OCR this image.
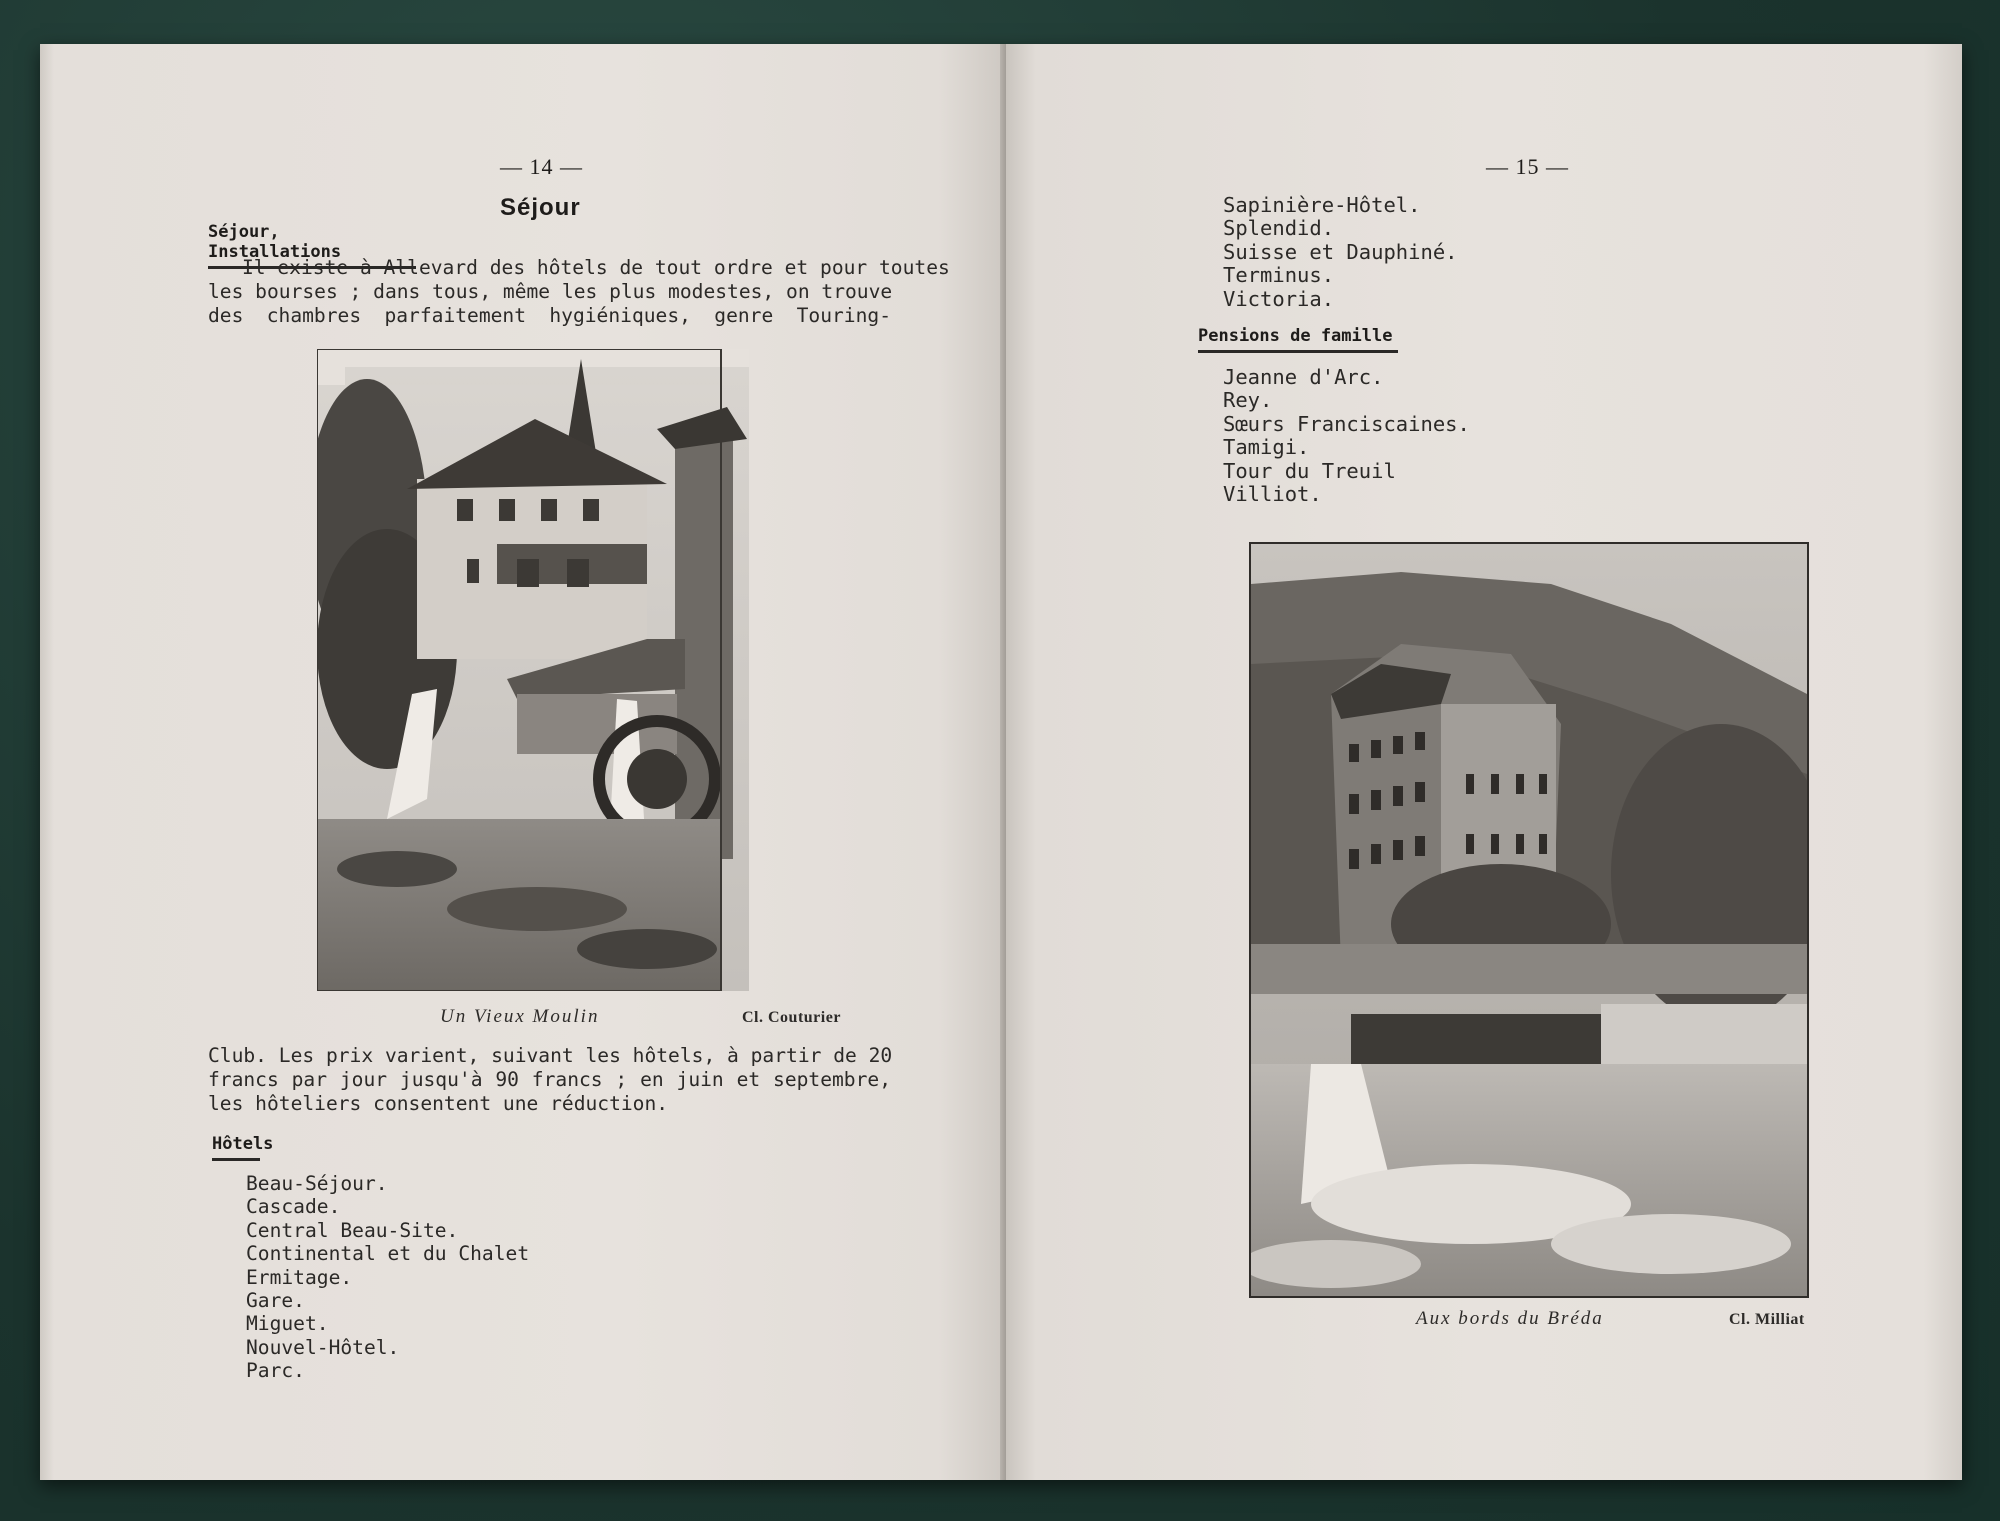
— 14 —
Séjour
Séjour, Installations
Il existe à Allevard des hôtels de tout ordre et pour toutes
les bourses ; dans tous, même les plus modestes, on trouve
des chambres parfaitement hygiéniques, genre Touring-
Un Vieux Moulin	Cl. Couturier
Club. Les prix varient, suivant les hôtels, à partir de 20
francs par jour jusqu'à 90 francs ; en juin et septembre,
les hôteliers consentent une réduction.
Hôtels
Beau-Séjour.
Cascade.
Central Beau-Site.
Continental et du Chalet
Ermitage.
Gare.
Miguet.
Nouvel-Hôtel.
Parc.
— 15 —
Sapinière-Hôtel.
Splendid.
Suisse et Dauphiné.
Terminus.
Victoria.
Pensions de famille
Jeanne d'Arc.
Rey.
Sœurs Franciscaines.
Tamigi.
Tour du Treuil
Villiot.
Aux bords du Bréda	Cl. Milliat
